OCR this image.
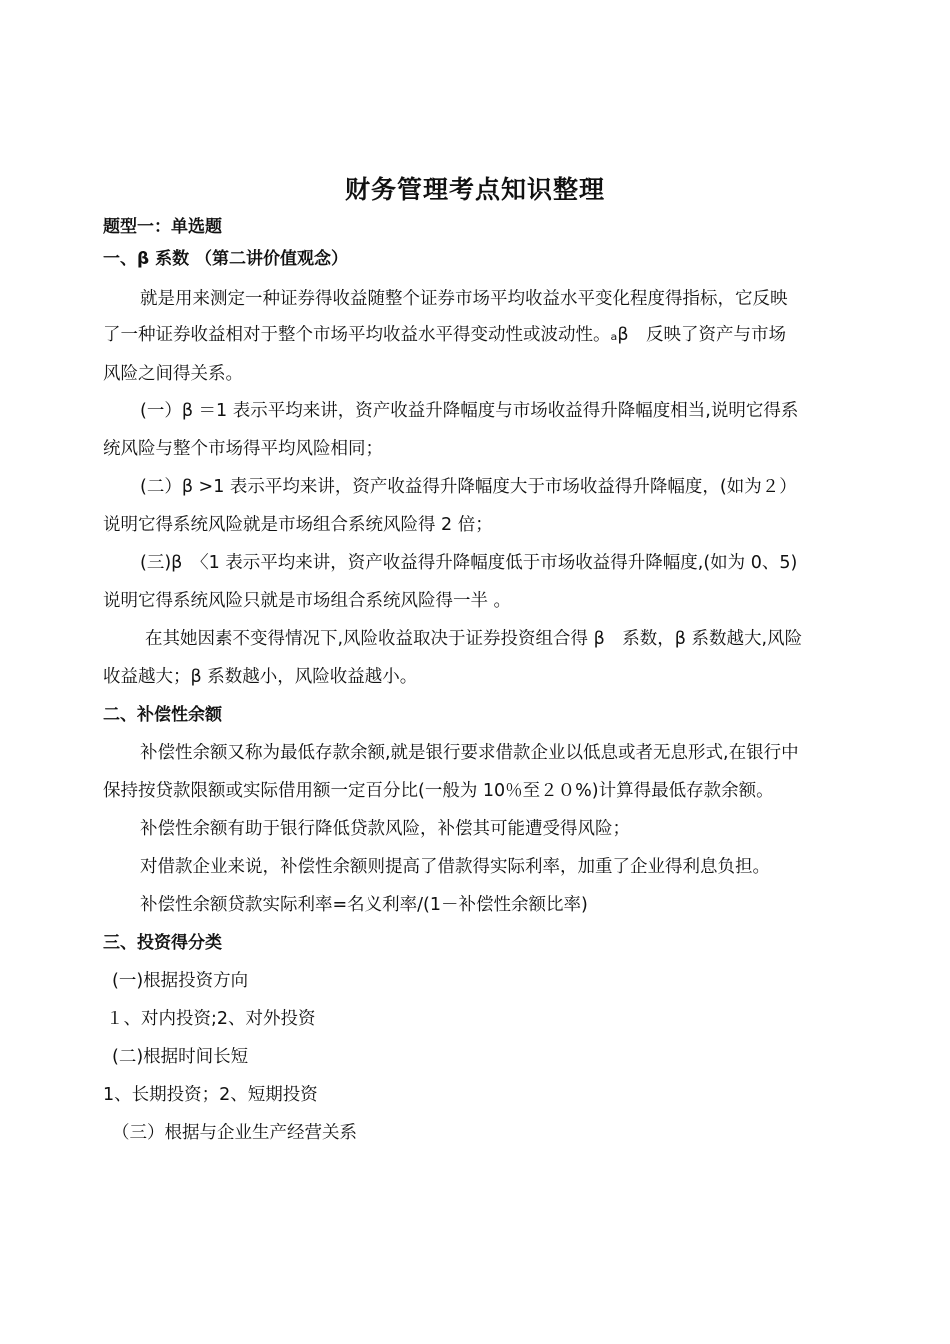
财务管理考点知识整理
题型一：单选题
一、β 系数 （第二讲价值观念）
就是用来测定一种证券得收益随整个证券市场平均收益水平变化程度得指标，它反映
了一种证券收益相对于整个市场平均收益水平得变动性或波动性。ₐβ　反映了资产与市场
风险之间得关系。
(一）β ＝1 表示平均来讲，资产收益升降幅度与市场收益得升降幅度相当,说明它得系
统风险与整个市场得平均风险相同；
(二）β >1 表示平均来讲，资产收益得升降幅度大于市场收益得升降幅度，(如为２）
说明它得系统风险就是市场组合系统风险得 2 倍；
(三)β　〈1 表示平均来讲，资产收益得升降幅度低于市场收益得升降幅度,(如为 0、5)
说明它得系统风险只就是市场组合系统风险得一半 。
在其她因素不变得情况下,风险收益取决于证券投资组合得 β　系数，β 系数越大,风险
收益越大；β 系数越小，风险收益越小。
二、补偿性余额
补偿性余额又称为最低存款余额,就是银行要求借款企业以低息或者无息形式,在银行中
保持按贷款限额或实际借用额一定百分比(一般为 10％至２０%)计算得最低存款余额。
补偿性余额有助于银行降低贷款风险，补偿其可能遭受得风险；
对借款企业来说，补偿性余额则提高了借款得实际利率，加重了企业得利息负担。
补偿性余额贷款实际利率=名义利率/(1－补偿性余额比率)
三、投资得分类
(一)根据投资方向
１、对内投资;2、对外投资
(二)根据时间长短
1、长期投资；2、短期投资
（三）根据与企业生产经营关系
